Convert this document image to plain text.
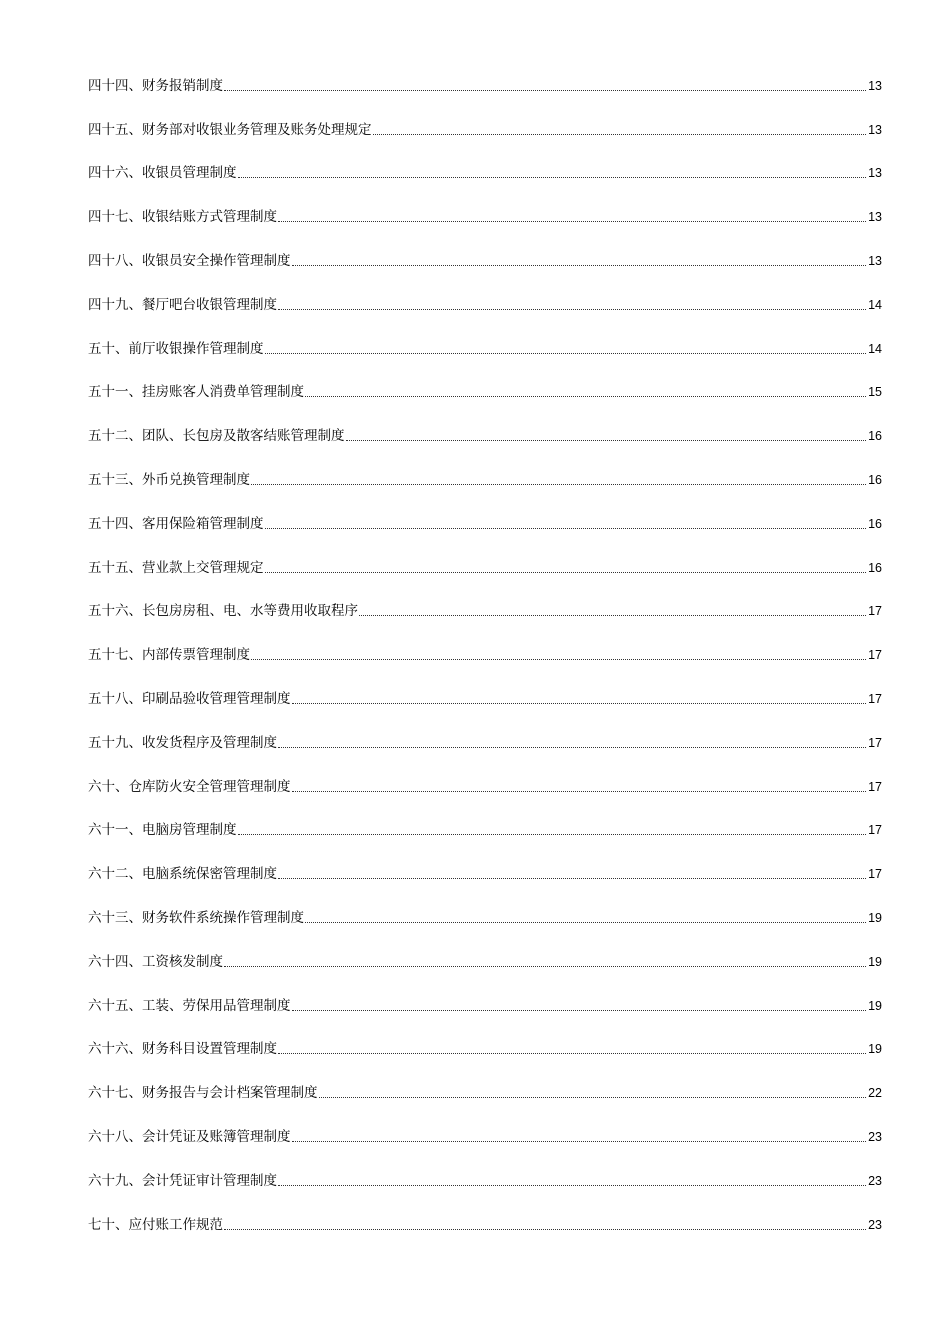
四十四、财务报销制度	13
四十五、财务部对收银业务管理及账务处理规定	13
四十六、收银员管理制度	13
四十七、收银结账方式管理制度	13
四十八、收银员安全操作管理制度	13
四十九、餐厅吧台收银管理制度	14
五十、前厅收银操作管理制度	14
五十一、挂房账客人消费单管理制度	15
五十二、团队、长包房及散客结账管理制度	16
五十三、外币兑换管理制度	16
五十四、客用保险箱管理制度	16
五十五、营业款上交管理规定	16
五十六、长包房房租、电、水等费用收取程序	17
五十七、内部传票管理制度	17
五十八、印刷品验收管理管理制度	17
五十九、收发货程序及管理制度	17
六十、仓库防火安全管理管理制度	17
六十一、电脑房管理制度	17
六十二、电脑系统保密管理制度	17
六十三、财务软件系统操作管理制度	19
六十四、工资核发制度	19
六十五、工装、劳保用品管理制度	19
六十六、财务科目设置管理制度	19
六十七、财务报告与会计档案管理制度	22
六十八、会计凭证及账簿管理制度	23
六十九、会计凭证审计管理制度	23
七十、应付账工作规范	23
